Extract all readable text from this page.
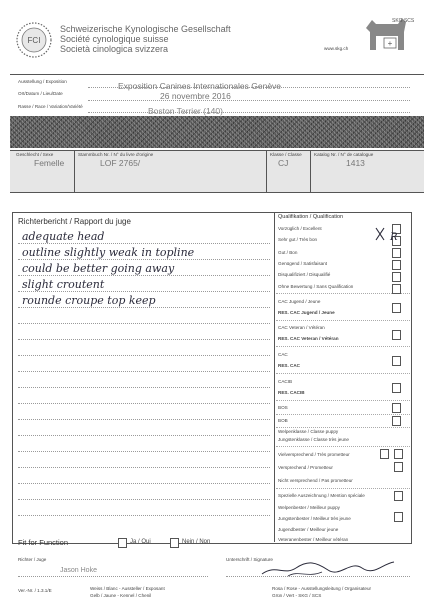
FCI
Schweizerische Kynologische Gesellschaft
Société cynologique suisse
Società cinologica svizzera
+
SKG SCS
www.skg.ch
Ausstellung / Exposition
Ort/Datum / Lieu/Date
Rasse / Race / Variation/Variété
Exposition Canines Internationales Genève
26 novembre 2016
Boston Terrier (140)
Geschlecht / Sexe	Stammbuch Nr. / N° du livre d'origine	Klasse / Classe	Katalog Nr. / N° de catalogue
Femelle	LOF 2765/	CJ	1413
Richterbericht / Rapport du juge
adequate head
outline slightly weak in topline
could be better going away
slight croutent
rounde croupe top keep
Qualifikation / Qualification
Vorzüglich / Excellent
Sehr gut / Très bon
Gut / Bon
Genügend / Satisfaisant
Disqualifiziert / Disqualifié
Ohne Bewertung / Sans Qualification
CAC Jugend / Jeune
RES. CAC Jugend / Jeune
CAC Veteran / Vétéran
RES. CAC Veteran / Vétéran
CAC
RES. CAC
CACIB
RES. CACIB
BOS
BOB
Welpenklasse / Classe puppy
Jungstenklasse / Classe très jeune
Vielversprechend / Très prometteur
Versprechend / Prometteur
Nicht versprechend / Pas prometteur
Spezielle Auszeichnung / Mention spéciale
Welpenbester / Meilleur puppy
Jungstenbester / Meilleur très jeune
Jugendbester / Meilleur jeune
Veteranenbester / Meilleur vétéran
R
Fit for Function	Ja / Oui	Nein / Non
Richter / Juge
Jason Hoke
Unterschrift / Signature
Ver.-Nr. / 1.3.1/E	Weiss / Blanc - Aussteller / Exposant
Gelb / Jaune - Kennel / Chenil
Rosa / Rose - Ausstellungsleitung / Organisateur
Grün / Vert - SKG / SCS
